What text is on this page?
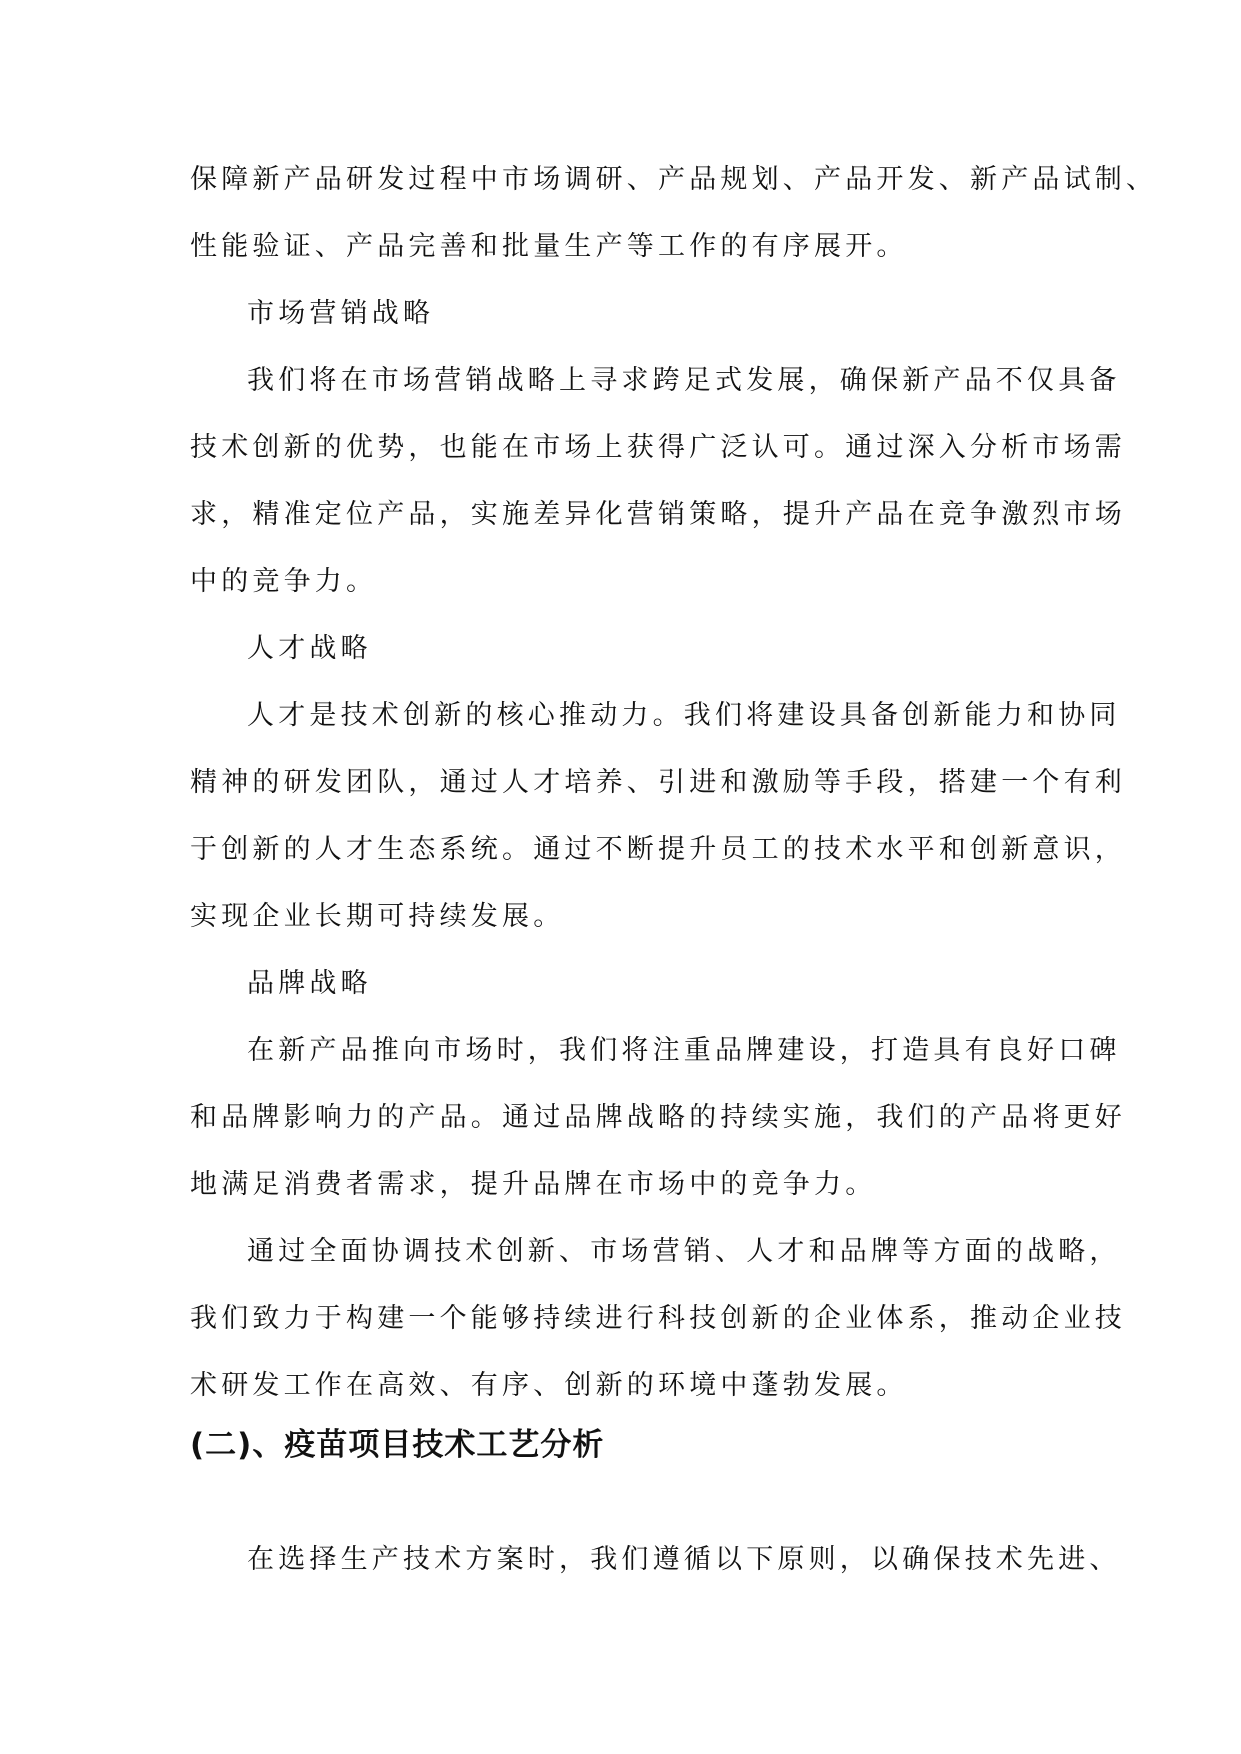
保障新产品研发过程中市场调研、产品规划、产品开发、新产品试制、
性能验证、产品完善和批量生产等工作的有序展开。
市场营销战略
我们将在市场营销战略上寻求跨足式发展，确保新产品不仅具备
技术创新的优势，也能在市场上获得广泛认可。通过深入分析市场需
求，精准定位产品，实施差异化营销策略，提升产品在竞争激烈市场
中的竞争力。
人才战略
人才是技术创新的核心推动力。我们将建设具备创新能力和协同
精神的研发团队，通过人才培养、引进和激励等手段，搭建一个有利
于创新的人才生态系统。通过不断提升员工的技术水平和创新意识，
实现企业长期可持续发展。
品牌战略
在新产品推向市场时，我们将注重品牌建设，打造具有良好口碑
和品牌影响力的产品。通过品牌战略的持续实施，我们的产品将更好
地满足消费者需求，提升品牌在市场中的竞争力。
通过全面协调技术创新、市场营销、人才和品牌等方面的战略，
我们致力于构建一个能够持续进行科技创新的企业体系，推动企业技
术研发工作在高效、有序、创新的环境中蓬勃发展。
(二)、疫苗项目技术工艺分析
在选择生产技术方案时，我们遵循以下原则，以确保技术先进、
